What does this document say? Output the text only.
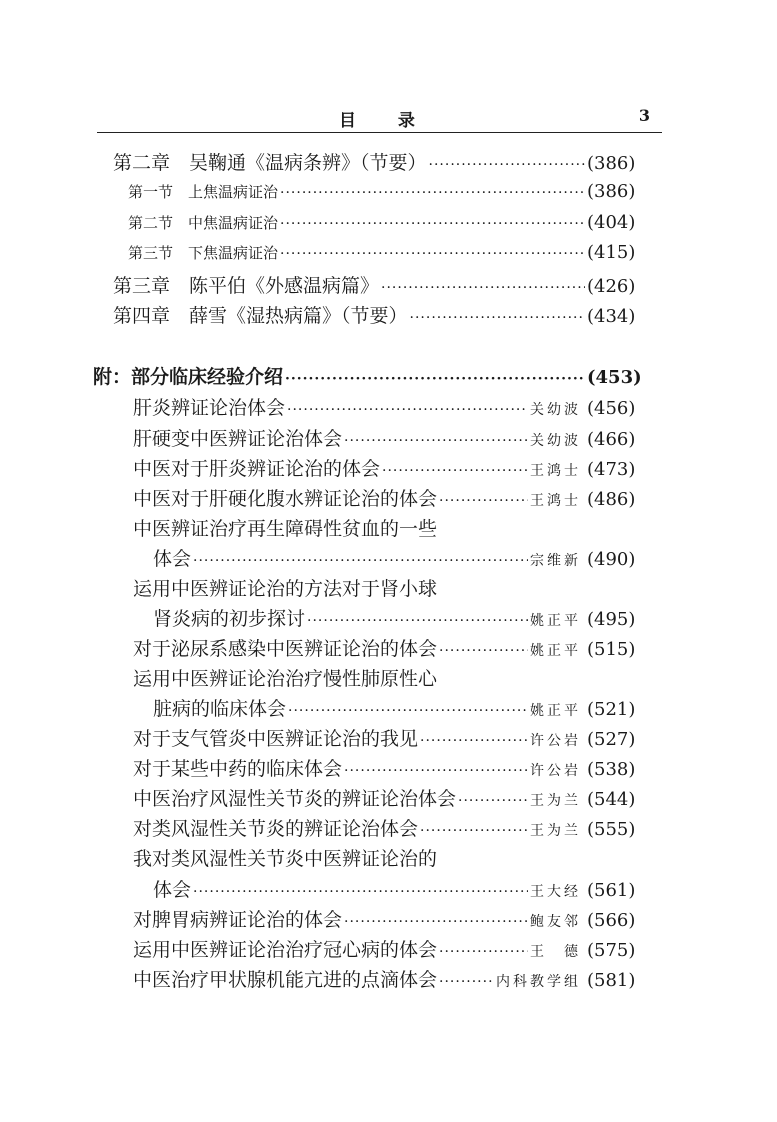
目 录	3
第二章　吴鞠通《温病条辨》（节要） ·····	(386)
第一节　上焦温病证治 ·····	(386)
第二节　中焦温病证治 ·····	(404)
第三节　下焦温病证治 ·····	(415)
第三章　陈平伯《外感温病篇》 ·····	(426)
第四章　薛雪《湿热病篇》（节要） ·····	(434)
附：部分临床经验介绍 ·····	(453)
肝炎辨证论治体会 ·····	关幼波 (456)
肝硬变中医辨证论治体会 ·····	关幼波 (466)
中医对于肝炎辨证论治的体会 ·····	王鸿士 (473)
中医对于肝硬化腹水辨证论治的体会 ·····	王鸿士 (486)
中医辨证治疗再生障碍性贫血的一些
体会 ·····	宗维新 (490)
运用中医辨证论治的方法对于肾小球
肾炎病的初步探讨 ·····	姚正平 (495)
对于泌尿系感染中医辨证论治的体会 ·····	姚正平 (515)
运用中医辨证论治治疗慢性肺原性心
脏病的临床体会 ·····	姚正平 (521)
对于支气管炎中医辨证论治的我见 ·····	许公岩 (527)
对于某些中药的临床体会 ·····	许公岩 (538)
中医治疗风湿性关节炎的辨证论治体会 ·····	王为兰 (544)
对类风湿性关节炎的辨证论治体会 ·····	王为兰 (555)
我对类风湿性关节炎中医辨证论治的
体会 ·····	王大经 (561)
对脾胃病辨证论治的体会 ·····	鲍友邻 (566)
运用中医辨证论治治疗冠心病的体会 ·····	王　德 (575)
中医治疗甲状腺机能亢进的点滴体会 ·····	内科教学组 (581)
